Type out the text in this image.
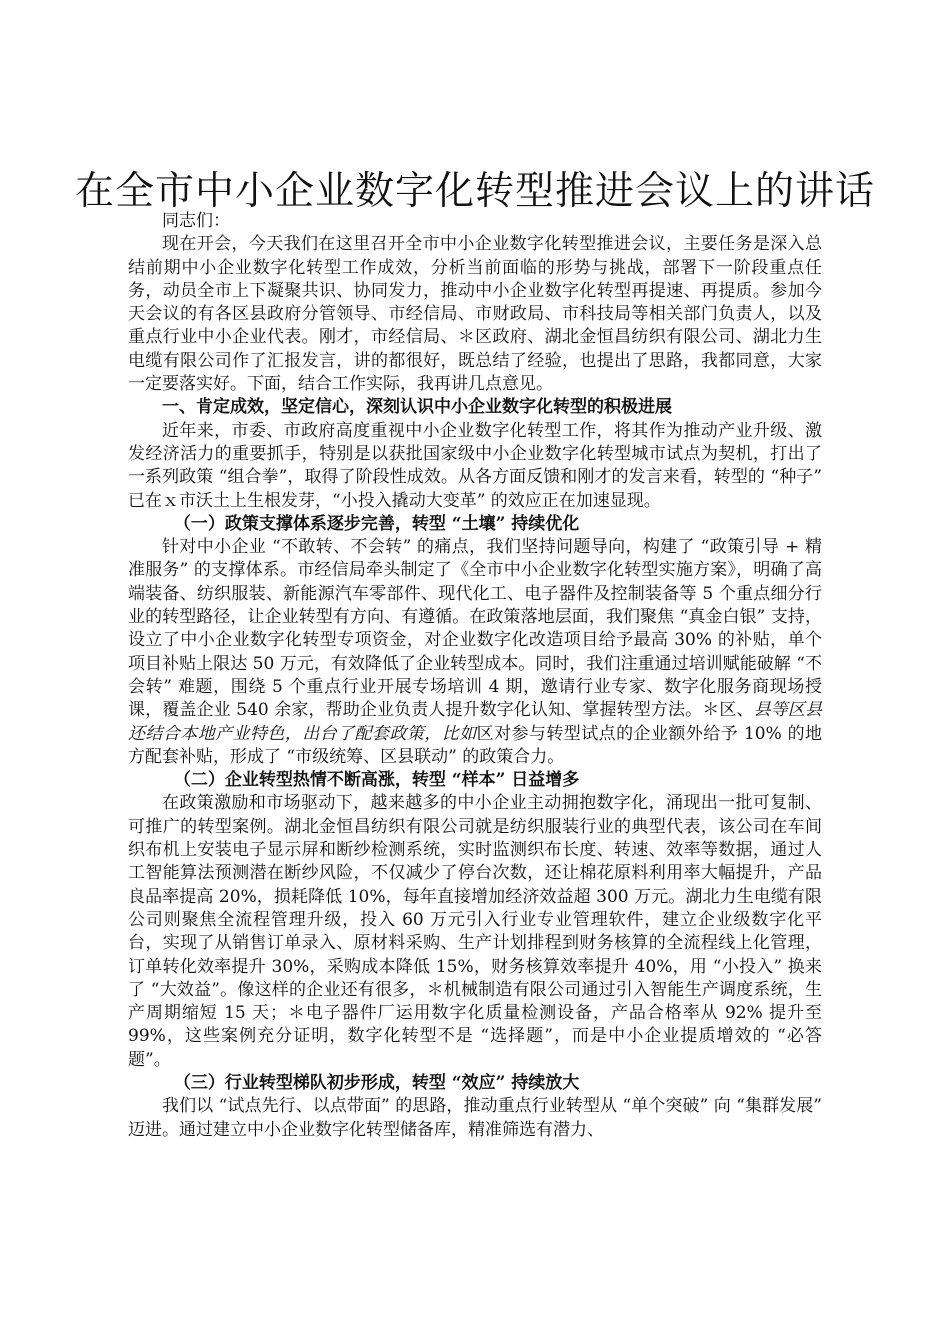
在全市中小企业数字化转型推进会议上的讲话

同志们：

现在开会，今天我们在这里召开全市中小企业数字化转型推进会议，主要任务是深入总结前期中小企业数字化转型工作成效，分析当前面临的形势与挑战，部署下一阶段重点任务，动员全市上下凝聚共识、协同发力，推动中小企业数字化转型再提速、再提质。参加今天会议的有各区县政府分管领导、市经信局、市财政局、市科技局等相关部门负责人，以及重点行业中小企业代表。刚才，市经信局、＊区政府、湖北金恒昌纺织有限公司、湖北力生电缆有限公司作了汇报发言，讲的都很好，既总结了经验，也提出了思路，我都同意，大家一定要落实好。下面，结合工作实际，我再讲几点意见。

一、肯定成效，坚定信心，深刻认识中小企业数字化转型的积极进展

近年来，市委、市政府高度重视中小企业数字化转型工作，将其作为推动产业升级、激发经济活力的重要抓手，特别是以获批国家级中小企业数字化转型城市试点为契机，打出了一系列政策 “组合拳”，取得了阶段性成效。从各方面反馈和刚才的发言来看，转型的 “种子” 已在ｘ市沃土上生根发芽，“小投入撬动大变革” 的效应正在加速显现。

（一）政策支撑体系逐步完善，转型 “土壤” 持续优化

针对中小企业 “不敢转、不会转” 的痛点，我们坚持问题导向，构建了 “政策引导 + 精准服务” 的支撑体系。市经信局牵头制定了《全市中小企业数字化转型实施方案》，明确了高端装备、纺织服装、新能源汽车零部件、现代化工、电子器件及控制装备等 5 个重点细分行业的转型路径，让企业转型有方向、有遵循。在政策落地层面，我们聚焦 “真金白银” 支持，设立了中小企业数字化转型专项资金，对企业数字化改造项目给予最高 30% 的补贴，单个项目补贴上限达 50 万元，有效降低了企业转型成本。同时，我们注重通过培训赋能破解 “不会转” 难题，围绕 5 个重点行业开展专场培训 4 期，邀请行业专家、数字化服务商现场授课，覆盖企业 540 余家，帮助企业负责人提升数字化认知、掌握转型方法。＊区、县等区县还结合本地产业特色，出台了配套政策，比如区对参与转型试点的企业额外给予 10% 的地方配套补贴，形成了 “市级统筹、区县联动” 的政策合力。

（二）企业转型热情不断高涨，转型 “样本” 日益增多

在政策激励和市场驱动下，越来越多的中小企业主动拥抱数字化，涌现出一批可复制、可推广的转型案例。湖北金恒昌纺织有限公司就是纺织服装行业的典型代表，该公司在车间织布机上安装电子显示屏和断纱检测系统，实时监测织布长度、转速、效率等数据，通过人工智能算法预测潜在断纱风险，不仅减少了停台次数，还让棉花原料利用率大幅提升，产品良品率提高 20%，损耗降低 10%，每年直接增加经济效益超 300 万元。湖北力生电缆有限公司则聚焦全流程管理升级，投入 60 万元引入行业专业管理软件，建立企业级数字化平台，实现了从销售订单录入、原材料采购、生产计划排程到财务核算的全流程线上化管理，订单转化效率提升 30%，采购成本降低 15%，财务核算效率提升 40%，用 “小投入” 换来了 “大效益”。像这样的企业还有很多，＊机械制造有限公司通过引入智能生产调度系统，生产周期缩短 15 天；＊电子器件厂运用数字化质量检测设备，产品合格率从 92% 提升至 99%，这些案例充分证明，数字化转型不是 “选择题”，而是中小企业提质增效的 “必答题”。

（三）行业转型梯队初步形成，转型 “效应” 持续放大

我们以 “试点先行、以点带面” 的思路，推动重点行业转型从 “单个突破” 向 “集群发展” 迈进。通过建立中小企业数字化转型储备库，精准筛选有潜力、
